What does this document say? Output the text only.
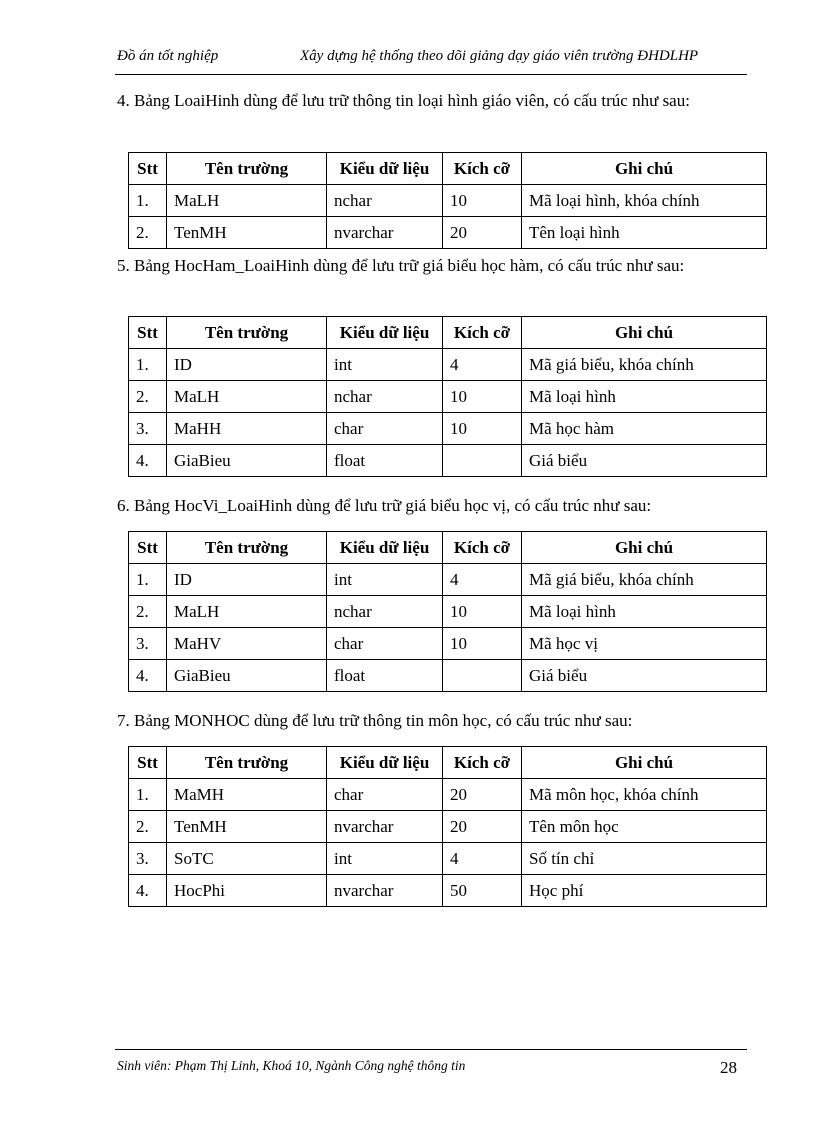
Đồ án tốt nghiệp	Xây dựng hệ thống theo dõi giảng dạy giáo viên trường ĐHDLHP
4. Bảng LoaiHinh dùng để lưu trữ thông tin loại hình giáo viên, có cấu trúc như sau:
Stt	Tên trường	Kiểu dữ liệu	Kích cỡ	Ghi chú
1.	MaLH	nchar	10	Mã loại hình, khóa chính
2.	TenMH	nvarchar	20	Tên loại hình
5. Bảng HocHam_LoaiHinh dùng để lưu trữ giá biểu học hàm, có cấu trúc như sau:
Stt	Tên trường	Kiểu dữ liệu	Kích cỡ	Ghi chú
1.	ID	int	4	Mã giá biểu, khóa chính
2.	MaLH	nchar	10	Mã loại hình
3.	MaHH	char	10	Mã học hàm
4.	GiaBieu	float		Giá biểu
6. Bảng HocVi_LoaiHinh dùng để lưu trữ giá biểu học vị, có cấu trúc như sau:
Stt	Tên trường	Kiểu dữ liệu	Kích cỡ	Ghi chú
1.	ID	int	4	Mã giá biểu, khóa chính
2.	MaLH	nchar	10	Mã loại hình
3.	MaHV	char	10	Mã học vị
4.	GiaBieu	float		Giá biểu
7. Bảng MONHOC dùng để lưu trữ thông tin môn học, có cấu trúc như sau:
Stt	Tên trường	Kiểu dữ liệu	Kích cỡ	Ghi chú
1.	MaMH	char	20	Mã môn học, khóa chính
2.	TenMH	nvarchar	20	Tên môn học
3.	SoTC	int	4	Số tín chỉ
4.	HocPhi	nvarchar	50	Học phí
Sinh viên: Phạm Thị Linh, Khoá 10, Ngành Công nghệ thông tin	28
